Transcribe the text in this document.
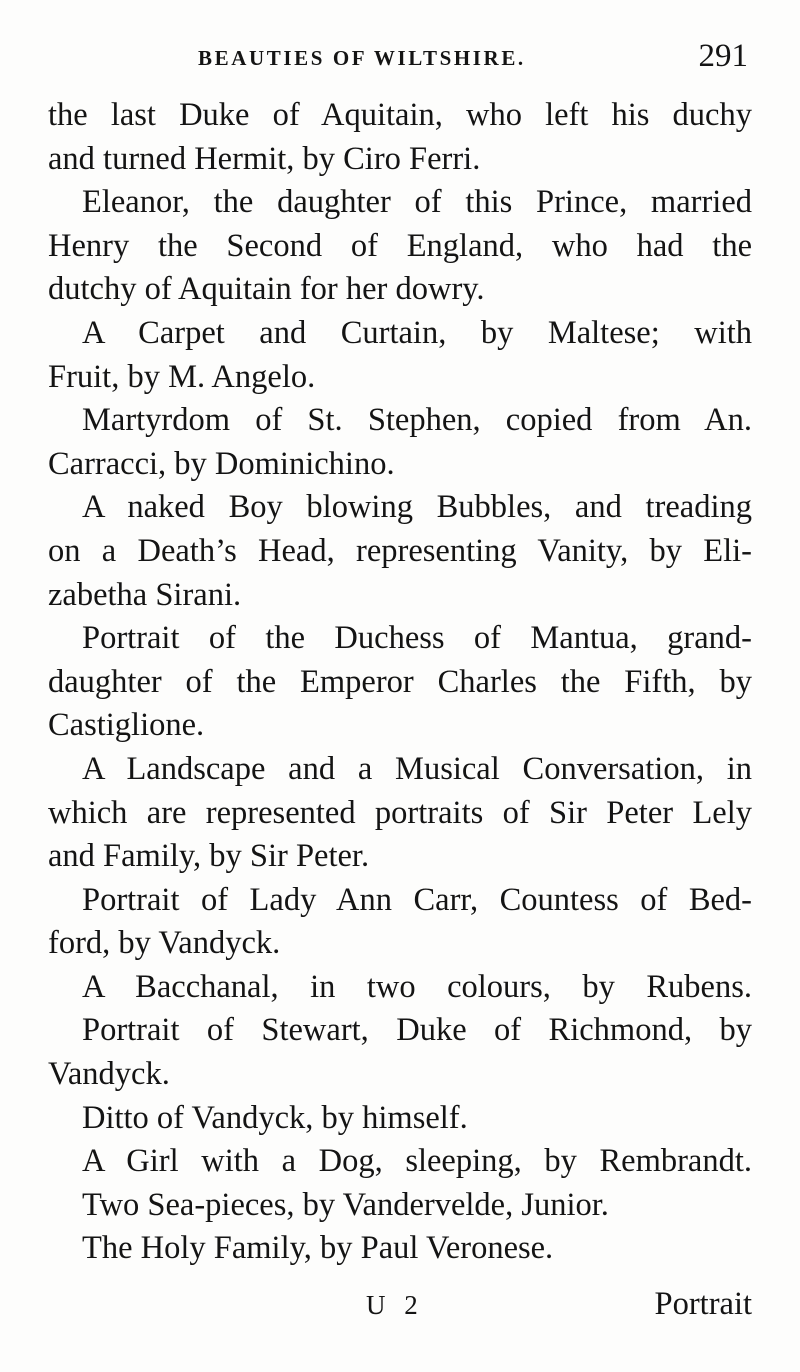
BEAUTIES OF WILTSHIRE.	291
the last Duke of Aquitain, who left his duchy
and turned Hermit, by Ciro Ferri.
Eleanor, the daughter of this Prince, married
Henry the Second of England, who had the
dutchy of Aquitain for her dowry.
A Carpet and Curtain, by Maltese; with
Fruit, by M. Angelo.
Martyrdom of St. Stephen, copied from An.
Carracci, by Dominichino.
A naked Boy blowing Bubbles, and treading
on a Death’s Head, representing Vanity, by Eli-
zabetha Sirani.
Portrait of the Duchess of Mantua, grand-
daughter of the Emperor Charles the Fifth, by
Castiglione.
A Landscape and a Musical Conversation, in
which are represented portraits of Sir Peter Lely
and Family, by Sir Peter.
Portrait of Lady Ann Carr, Countess of Bed-
ford, by Vandyck.
A Bacchanal, in two colours, by Rubens.
Portrait of Stewart, Duke of Richmond, by
Vandyck.
Ditto of Vandyck, by himself.
A Girl with a Dog, sleeping, by Rembrandt.
Two Sea-pieces, by Vandervelde, Junior.
The Holy Family, by Paul Veronese.
U 2	Portrait
